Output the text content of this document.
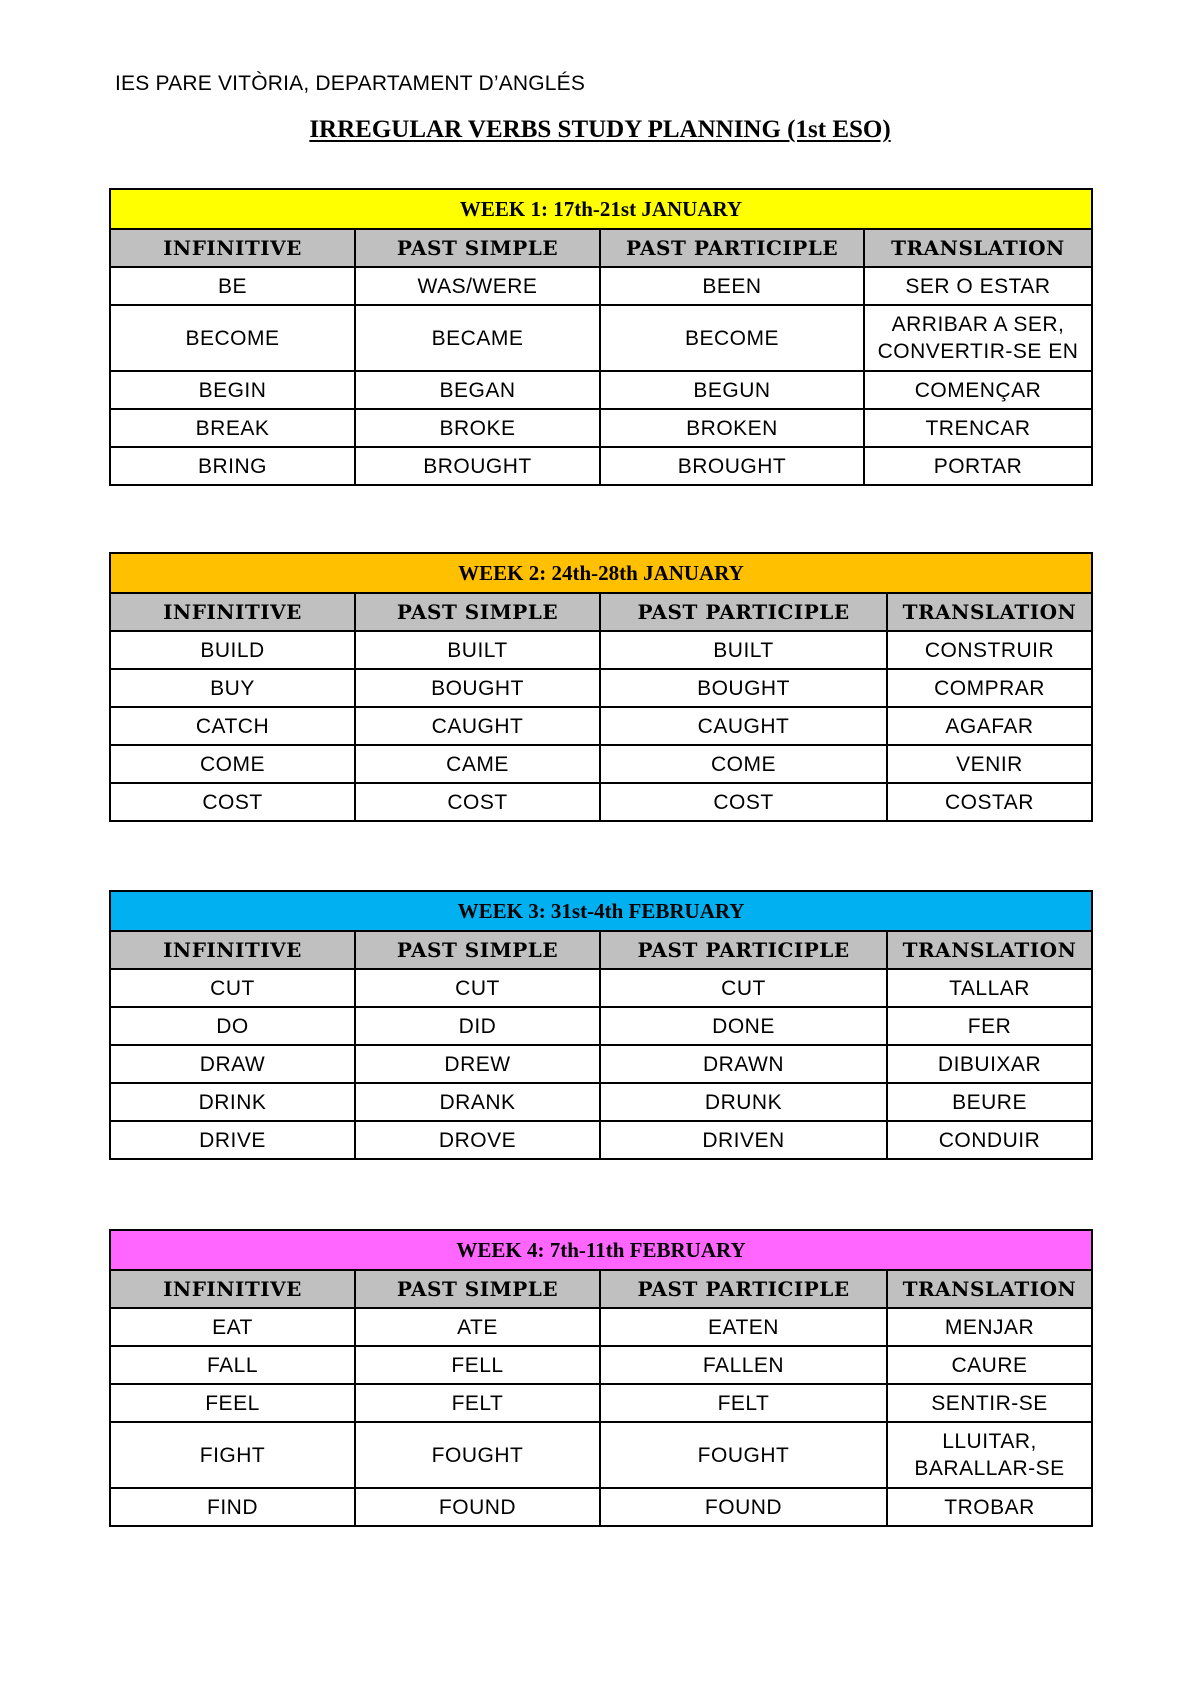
IES PARE VITÒRIA, DEPARTAMENT D’ANGLÉS
IRREGULAR VERBS STUDY PLANNING (1st ESO)
WEEK 1: 17th-21st JANUARY			
INFINITIVE	PAST SIMPLE	PAST PARTICIPLE	TRANSLATION
BE	WAS/WERE	BEEN	SER O ESTAR
BECOME	BECAME	BECOME	ARRIBAR A SER, CONVERTIR-SE EN
BEGIN	BEGAN	BEGUN	COMENÇAR
BREAK	BROKE	BROKEN	TRENCAR
BRING	BROUGHT	BROUGHT	PORTAR
WEEK 2: 24th-28th JANUARY			
INFINITIVE	PAST SIMPLE	PAST PARTICIPLE	TRANSLATION
BUILD	BUILT	BUILT	CONSTRUIR
BUY	BOUGHT	BOUGHT	COMPRAR
CATCH	CAUGHT	CAUGHT	AGAFAR
COME	CAME	COME	VENIR
COST	COST	COST	COSTAR
WEEK 3: 31st-4th FEBRUARY			
INFINITIVE	PAST SIMPLE	PAST PARTICIPLE	TRANSLATION
CUT	CUT	CUT	TALLAR
DO	DID	DONE	FER
DRAW	DREW	DRAWN	DIBUIXAR
DRINK	DRANK	DRUNK	BEURE
DRIVE	DROVE	DRIVEN	CONDUIR
WEEK 4: 7th-11th FEBRUARY			
INFINITIVE	PAST SIMPLE	PAST PARTICIPLE	TRANSLATION
EAT	ATE	EATEN	MENJAR
FALL	FELL	FALLEN	CAURE
FEEL	FELT	FELT	SENTIR-SE
FIGHT	FOUGHT	FOUGHT	LLUITAR, BARALLAR-SE
FIND	FOUND	FOUND	TROBAR
